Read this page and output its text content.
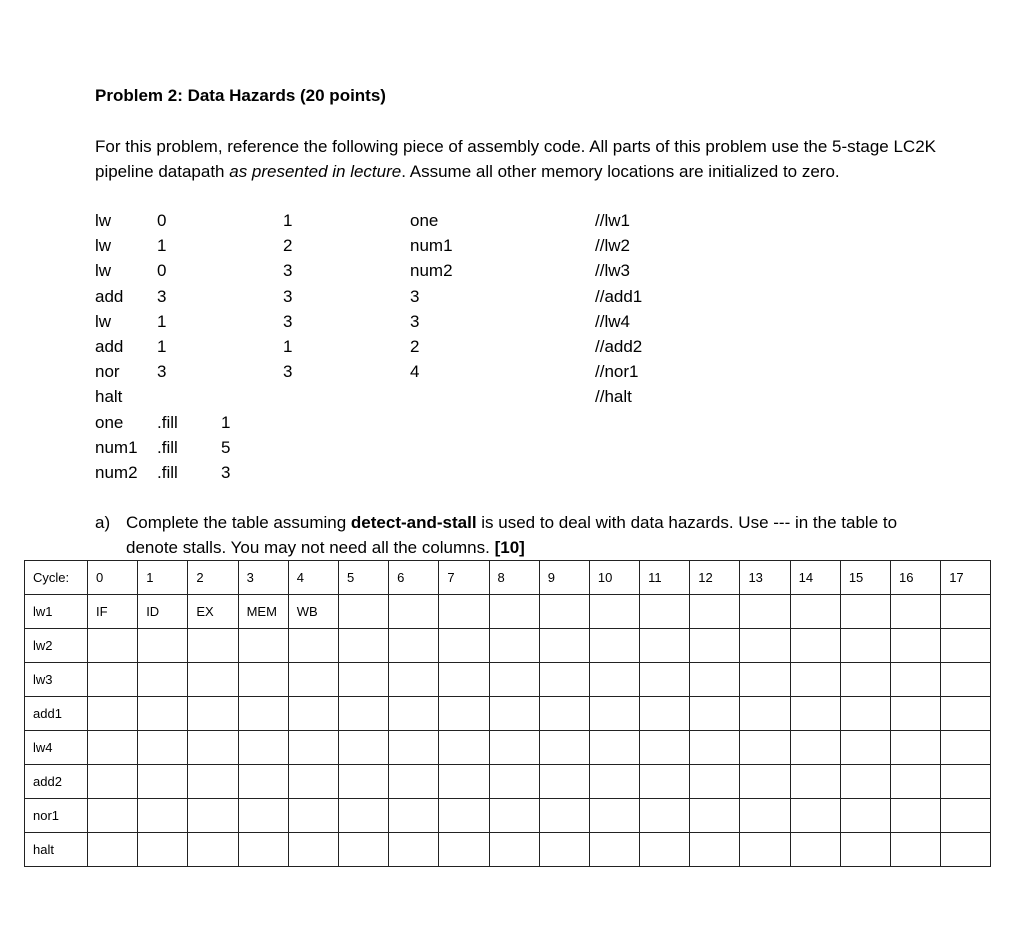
Problem 2: Data Hazards (20 points)

For this problem, reference the following piece of assembly code. All parts of this problem use the 5-stage LC2K pipeline datapath as presented in lecture. Assume all other memory locations are initialized to zero.

lw	0	1	one	//lw1
lw	1	2	num1	//lw2
lw	0	3	num2	//lw3
add 3	3	3	//add1
lw	1	3	3	//lw4
add 1	1	2	//add2
nor 3	3	4	//nor1
halt	//halt
one .fill	1
num1 .fill	5
num2 .fill	3
a) Complete the table assuming detect-and-stall is used to deal with data hazards. Use --- in the table to denote stalls. You may not need all the columns. [10]
Cycle:	0	1	2	3	4	5	6	7	8	9	10	11	12	13	14	15	16	17
lw1	IF	ID	EX	MEM	WB													
lw2																		
lw3																		
add1																		
lw4																		
add2																		
nor1																		
halt																		
